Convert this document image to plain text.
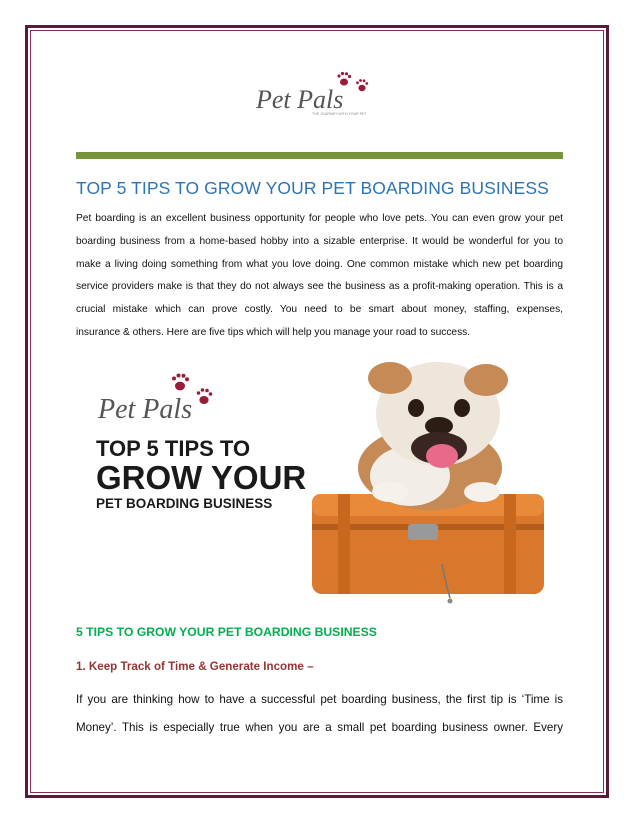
Pet Pals
THE JOURNEY WITH YOUR PET
TOP 5 TIPS TO GROW YOUR PET BOARDING BUSINESS

Pet boarding is an excellent business opportunity for people who love pets. You can even grow your pet
boarding business from a home-based hobby into a sizable enterprise. It would be wonderful for you to
make a living doing something from what you love doing. One common mistake which new pet boarding
service providers make is that they do not always see the business as a profit-making operation. This is a
crucial mistake which can prove costly. You need to be smart about money, staffing, expenses,
insurance & others. Here are five tips which will help you manage your road to success.

Pet Pals
TOP 5 TIPS TO
GROW YOUR
PET BOARDING BUSINESS
5 TIPS TO GROW YOUR PET BOARDING BUSINESS
1. Keep Track of Time & Generate Income –

If you are thinking how to have a successful pet boarding business, the first tip is ‘Time is
Money’. This is especially true when you are a small pet boarding business owner. Every
